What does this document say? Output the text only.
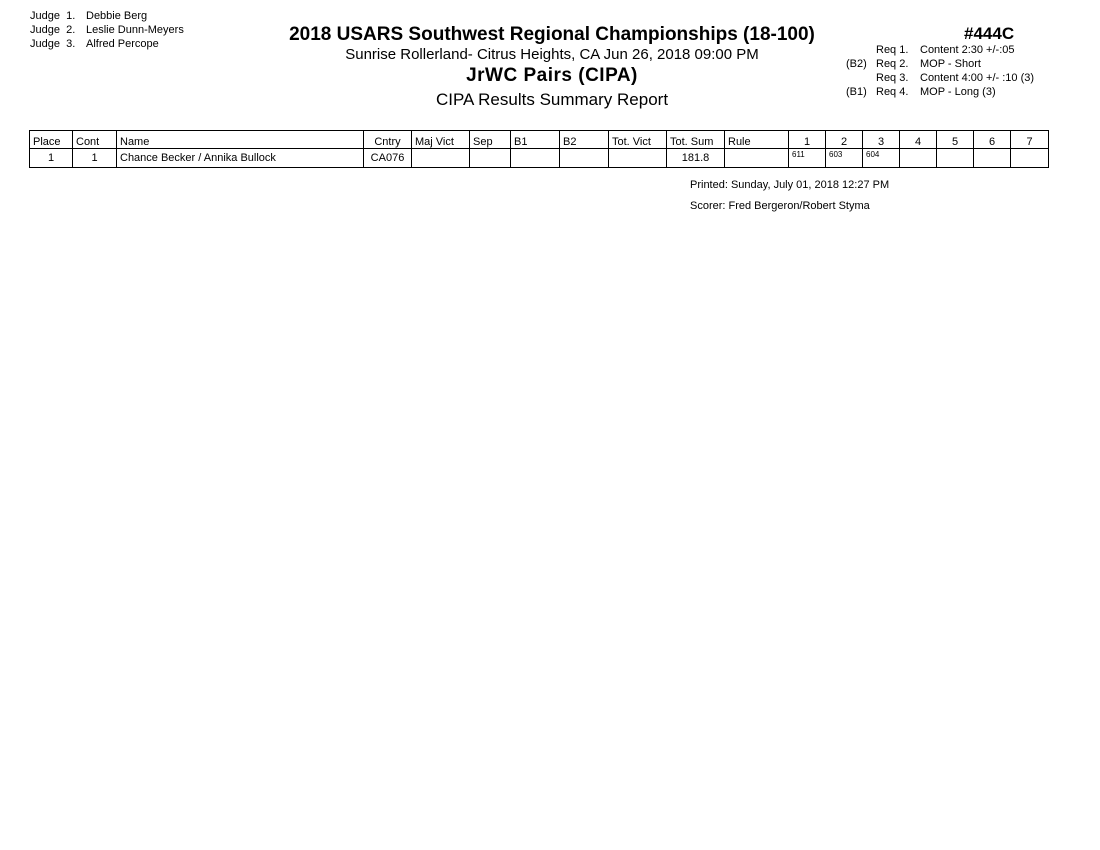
Judge  1. Debbie Berg
Judge  2. Leslie Dunn-Meyers
Judge  3. Alfred Percope	2018 USARS Southwest Regional Championships (18-100)
Sunrise Rollerland- Citrus Heights, CA Jun 26, 2018 09:00 PM
JrWC Pairs (CIPA)
CIPA Results Summary Report
#444C
Req 1. Content 2:30 +/-:05
(B2) Req 2. MOP - Short
Req 3. Content 4:00 +/- :10 (3)
(B1) Req 4. MOP - Long (3)
Place	Cont	Name	Cntry	Maj Vict	Sep	B1	B2	Tot. Vict	Tot. Sum	Rule	1	2	3	4	5	6	7
1	1	Chance Becker / Annika Bullock	CA076						181.8		611	603	604				
Printed: Sunday, July 01, 2018 12:27 PM
Scorer: Fred Bergeron/Robert Styma
